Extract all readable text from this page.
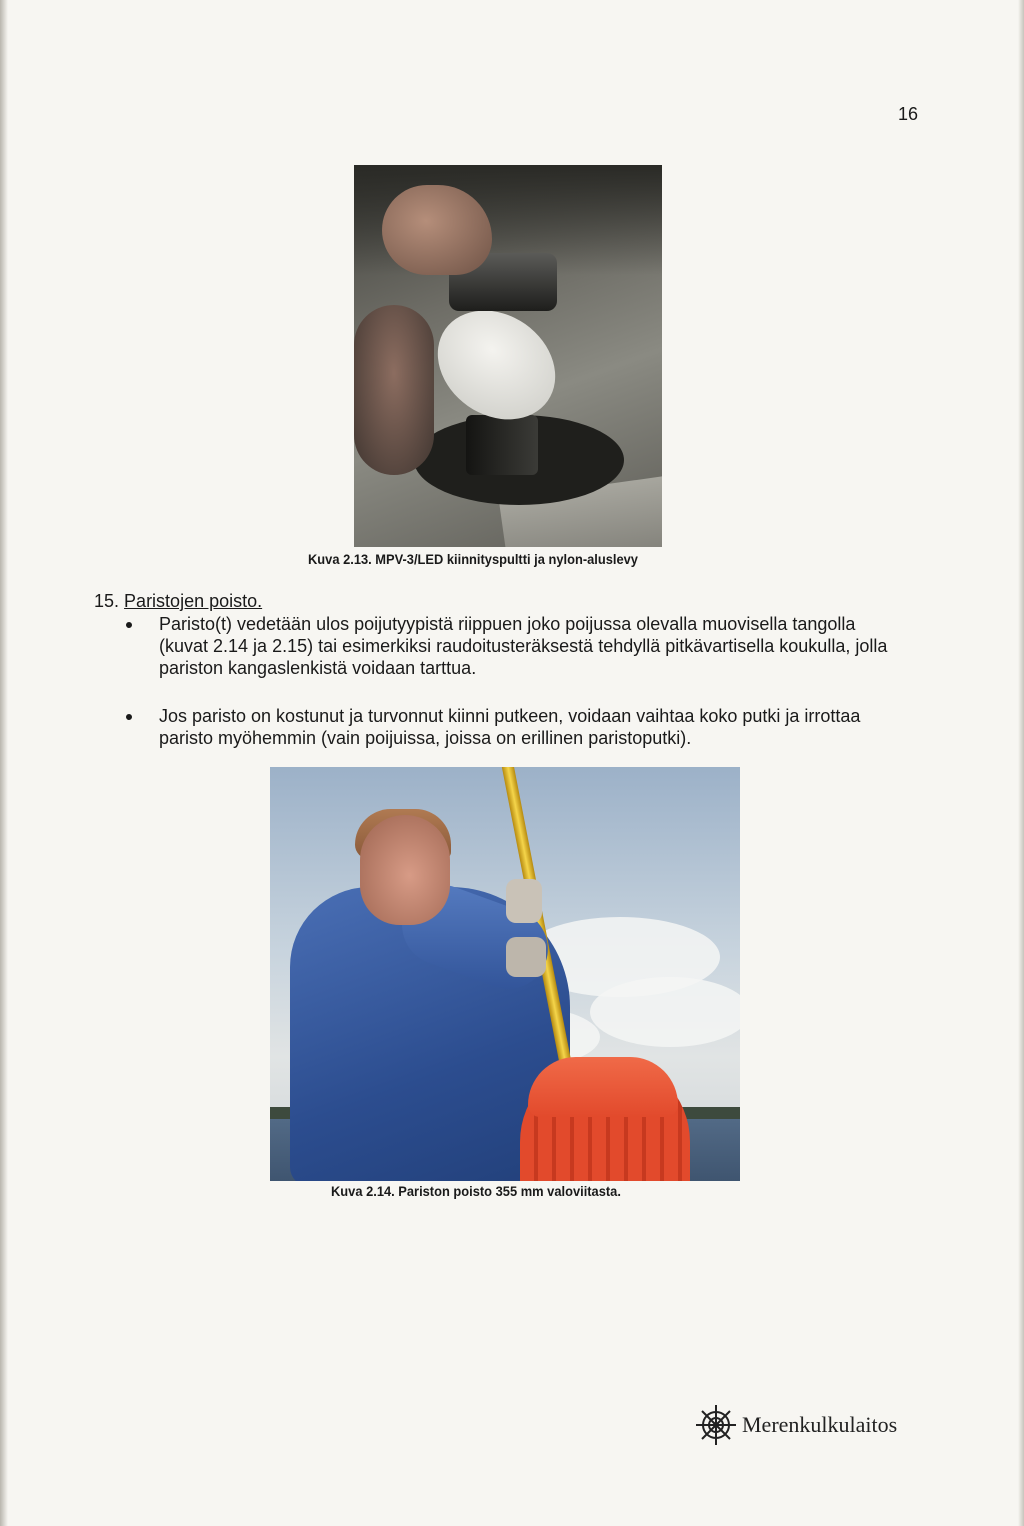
16
Kuva 2.13. MPV-3/LED kiinnityspultti ja nylon-aluslevy
15. Paristojen poisto.
Paristo(t) vedetään ulos poijutyypistä riippuen joko poijussa olevalla muovisella tangolla
(kuvat 2.14 ja 2.15) tai esimerkiksi raudoitusteräksestä tehdyllä pitkävartisella koukulla, jolla
pariston kangaslenkistä voidaan tarttua.
Jos paristo on kostunut ja turvonnut kiinni putkeen, voidaan vaihtaa koko putki ja irrottaa
paristo myöhemmin (vain poijuissa, joissa on erillinen paristoputki).
Kuva 2.14. Pariston poisto 355 mm valoviitasta.
Merenkulkulaitos
